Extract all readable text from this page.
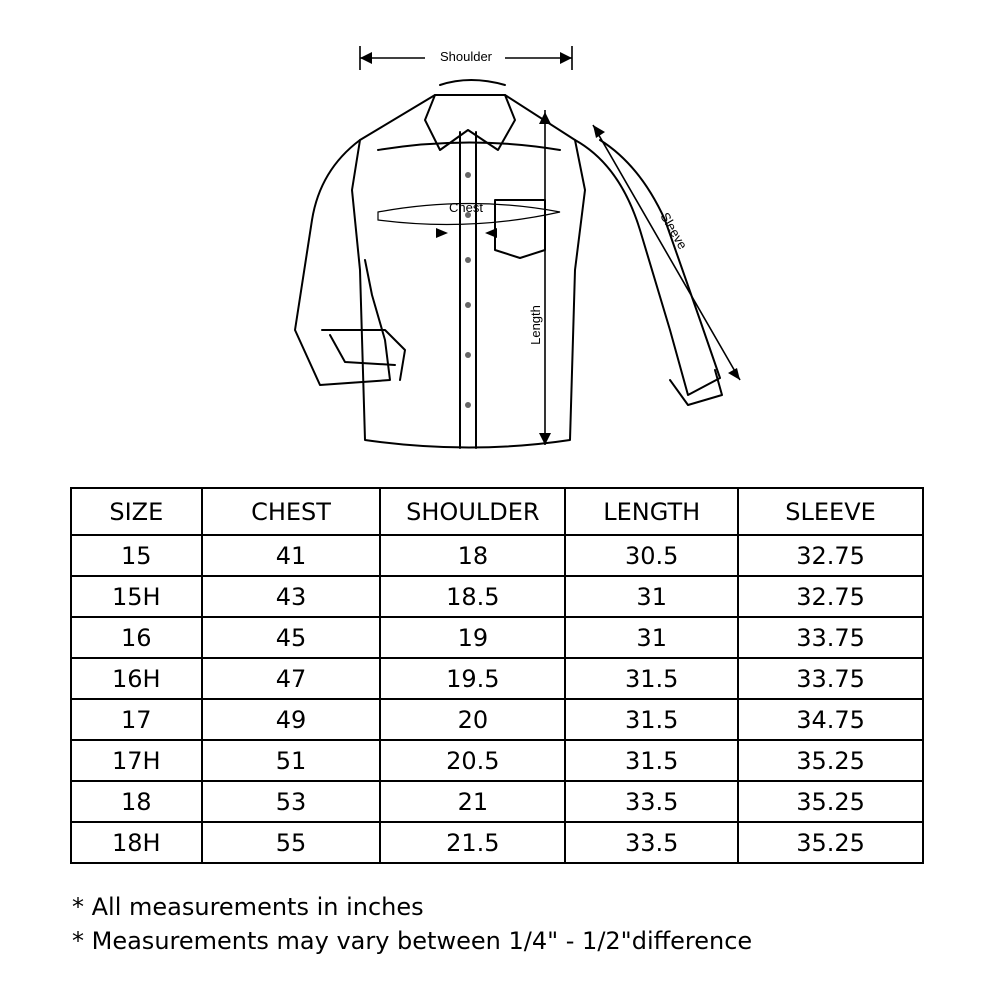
Shoulder
Chest
Length
Sleeve
SIZE	CHEST	SHOULDER	LENGTH	SLEEVE
15	41	18	30.5	32.75
15H	43	18.5	31	32.75
16	45	19	31	33.75
16H	47	19.5	31.5	33.75
17	49	20	31.5	34.75
17H	51	20.5	31.5	35.25
18	53	21	33.5	35.25
18H	55	21.5	33.5	35.25
* All measurements in inches
* Measurements may vary between 1/4" - 1/2"difference
